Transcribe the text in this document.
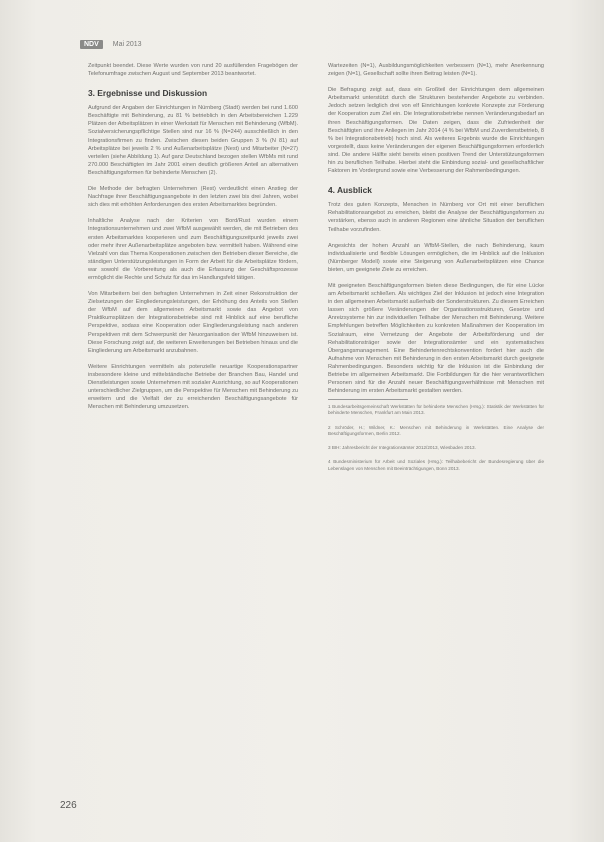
NDV	Mai 2013

Zeitpunkt beendet. Diese Werte wurden von rund 20 ausfüllenden Fragebögen der Telefonumfrage zwischen August und September 2013 beantwortet.

3. Ergebnisse und Diskussion

Aufgrund der Angaben der Einrichtungen in Nürnberg (Stadt) werden bei rund 1.600 Beschäftigte mit Behinderung, zu 81 % betrieblich in den Arbeitsbereichen 1.229 Plätzen der Arbeitsplätzen in einer Werkstatt für Menschen mit Behinderung (WfbM). Sozialversicherungspflichtige Stellen sind nur 16 % (N=244) ausschließlich in den Integrationsfirmen zu finden. Zwischen diesen beiden Gruppen 3 % (N 81) auf Arbeitsplätze bei jeweils 2 % und Außenarbeitsplätze (Nest) und Mitarbeiter (N=27) verteilen (siehe Abbildung 1). Auf ganz Deutschland bezogen stellen WfbMs mit rund 270.000 Beschäftigten im Jahr 2001 einen deutlich größeren Anteil an alternativen Beschäftigungsformen für behinderte Menschen (2).

Die Methode der befragten Unternehmen (Rest) verdeutlicht einen Anstieg der Nachfrage ihrer Beschäftigungsangebote in den letzten zwei bis drei Jahren, wobei sich dies mit erhöhten Anforderungen des ersten Arbeitsmarktes begründen.

Inhaltliche Analyse nach der Kriterien von Bord/Rust wurden einem Integrationsunternehmen und zwei WfbM ausgewählt werden, die mit Betrieben des ersten Arbeitsmarktes kooperieren und zum Beschäftigungszeitpunkt jeweils zwei oder mehr ihrer Außenarbeitsplätze angeboten bzw. vermittelt haben. Während eine Vielzahl von das Thema Kooperationen zwischen den Betrieben dieser Bereiche, die ständigen Unterstützungsleistungen in Form der Arbeit für die Arbeitsplätze fördern, war sowohl die Vorbereitung als auch die Erfassung der Geschäftsprozesse ermöglicht die Rechte und Schutz für das im Handlungsfeld tätigen.

Von Mitarbeitern bei den befragten Unternehmen in Zeit einer Rekonstruktion der Zielsetzungen der Eingliederungsleistungen, der Erhöhung des Anteils von Stellen der WfbM auf dem allgemeinen Arbeitsmarkt sowie das Angebot von Praktikumsplätzen der Integrationsbetriebe sind mit Hinblick auf eine berufliche Perspektive, sodass eine Kooperation oder Eingliederungsleistung nach anderen Perspektiven mit dem Schwerpunkt der Neuorganisation der WfbM hinzuweisen ist. Diese Forschung zeigt auf, die weiteren Erweiterungen bei Betrieben hinaus und die Eingliederung am Arbeitsmarkt anzubahnen.

Weitere Einrichtungen vermitteln als potenzielle neuartige Kooperationspartner insbesondere kleine und mittelständische Betriebe der Branchen Bau, Handel und Dienstleistungen sowie Unternehmen mit sozialer Ausrichtung, so auf Kooperationen unterschiedlicher Zielgruppen, um die Perspektive für Menschen mit Behinderung zu erweitern und die Vielfalt der zu erreichenden Beschäftigungsangebote für Menschen mit Behinderung umzusetzen.

Wartezeiten (N=1), Ausbildungsmöglichkeiten verbessern (N=1), mehr Anerkennung zeigen (N=1), Gesellschaft sollte ihren Beitrag leisten (N=1).

Die Befragung zeigt auf, dass ein Großteil der Einrichtungen dem allgemeinen Arbeitsmarkt unterstützt durch die Strukturen bestehender Angebote zu verbinden. Jedoch setzen lediglich drei von elf Einrichtungen konkrete Konzepte zur Förderung der Kooperation zum Ziel ein. Die Integrationsbetriebe nennen Veränderungsbedarf an ihren Beschäftigungsformen. Die Daten zeigen, dass die Zufriedenheit der Beschäftigten und ihre Anliegen im Jahr 2014 (4 % bei WfbM und Zuverdienstbetrieb, 8 % bei Integrationsbetrieb) hoch sind. Als weiteres Ergebnis wurde die Einrichtungen vorgestellt, dass keine Veränderungen der eigenen Beschäftigungsformen erforderlich sind. Die andere Hälfte sieht bereits einen positiven Trend der Unterstützungsformen hin zu beruflichen Teilhabe. Hierbei steht die Einbindung sozial- und gesellschaftlicher Faktoren im Vordergrund sowie eine Verbesserung der Rahmenbedingungen.

4. Ausblick

Trotz des guten Konzepts, Menschen in Nürnberg vor Ort mit einer beruflichen Rehabilitationsangebot zu erreichen, bleibt die Analyse der Beschäftigungsformen zu verstärken, ebenso auch in anderen Regionen eine ähnliche Situation der beruflichen Teilhabe vorzufinden.

Angesichts der hohen Anzahl an WfbM-Stellen, die nach Behinderung, kaum individualisierte und flexible Lösungen ermöglichen, die im Hinblick auf die Inklusion (Nürnberger Modell) sowie eine Steigerung von Außenarbeitsplätzen eine Chance bieten, um geeignete Ziele zu erreichen.

Mit geeigneten Beschäftigungsformen bieten diese Bedingungen, die für eine Lücke am Arbeitsmarkt schließen. Als wichtiges Ziel der Inklusion ist jedoch eine Integration in den allgemeinen Arbeitsmarkt außerhalb der Sonderstrukturen. Zu diesem Erreichen lassen sich größere Veränderungen der Organisationsstrukturen, Gesetze und Anreizsysteme hin zur individuellen Teilhabe der Menschen mit Behinderung. Weitere Empfehlungen betreffen Möglichkeiten zu konkreten Maßnahmen der Kooperation im Sozialraum, eine Vernetzung der Angebote der Arbeitsförderung und der Rehabilitationsträger sowie der Integrationsämter und ein systematisches Übergangsmanagement. Eine Behindertenrechtskonvention fordert hier auch die Aufnahme von Menschen mit Behinderung in den ersten Arbeitsmarkt durch geeignete Rahmenbedingungen. Besonders wichtig für die Inklusion ist die Einbindung der Betriebe im allgemeinen Arbeitsmarkt. Die Fortbildungen für die hier verantwortlichen Personen sind für die Anzahl neuer Beschäftigungsverhältnisse mit Menschen mit Behinderung im ersten Arbeitsmarkt gestalten werden.

1 Bundesarbeitsgemeinschaft Werkstätten für behinderte Menschen (Hrsg.): Statistik der Werkstätten für behinderte Menschen, Frankfurt am Main 2013.

2 Schröder, H.; Wildner, K.: Menschen mit Behinderung in Werkstätten. Eine Analyse der Beschäftigungsformen, Berlin 2012.

3 BIH: Jahresbericht der Integrationsämter 2012/2013, Wiesbaden 2013.

4 Bundesministerium für Arbeit und Soziales (Hrsg.): Teilhabebericht der Bundesregierung über die Lebenslagen von Menschen mit Beeinträchtigungen, Bonn 2013.

226
